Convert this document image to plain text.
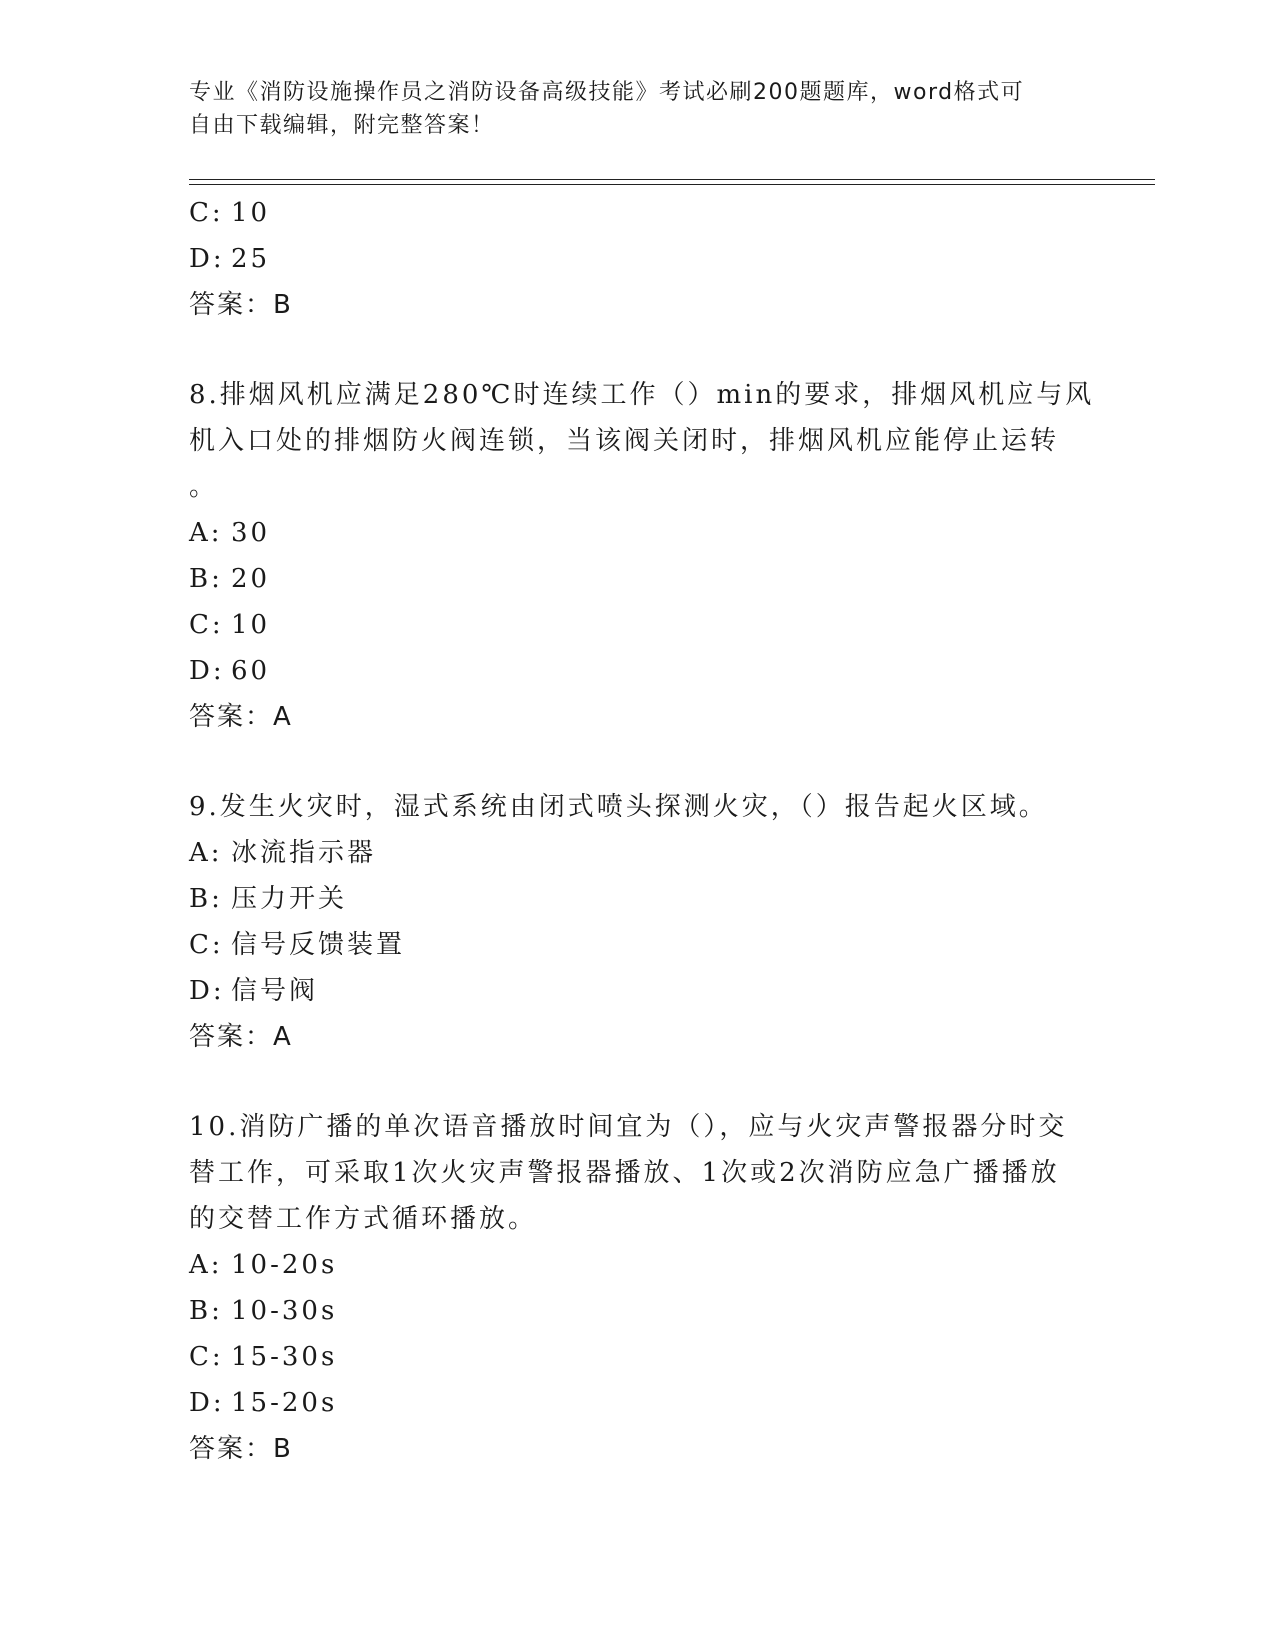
专业《消防设施操作员之消防设备高级技能》考试必刷200题题库，word格式可
自由下载编辑，附完整答案！
C: 10
D: 25
答案：B
8.排烟风机应满足280℃时连续工作（）min的要求，排烟风机应与风
机入口处的排烟防火阀连锁，当该阀关闭时，排烟风机应能停止运转
。
A: 30
B: 20
C: 10
D: 60
答案：A
9.发生火灾时，湿式系统由闭式喷头探测火灾，（）报告起火区域。
A: 冰流指示器
B: 压力开关
C: 信号反馈装置
D: 信号阀
答案：A
10.消防广播的单次语音播放时间宜为（），应与火灾声警报器分时交
替工作，可采取1次火灾声警报器播放、1次或2次消防应急广播播放
的交替工作方式循环播放。
A: 10-20s
B: 10-30s
C: 15-30s
D: 15-20s
答案：B
